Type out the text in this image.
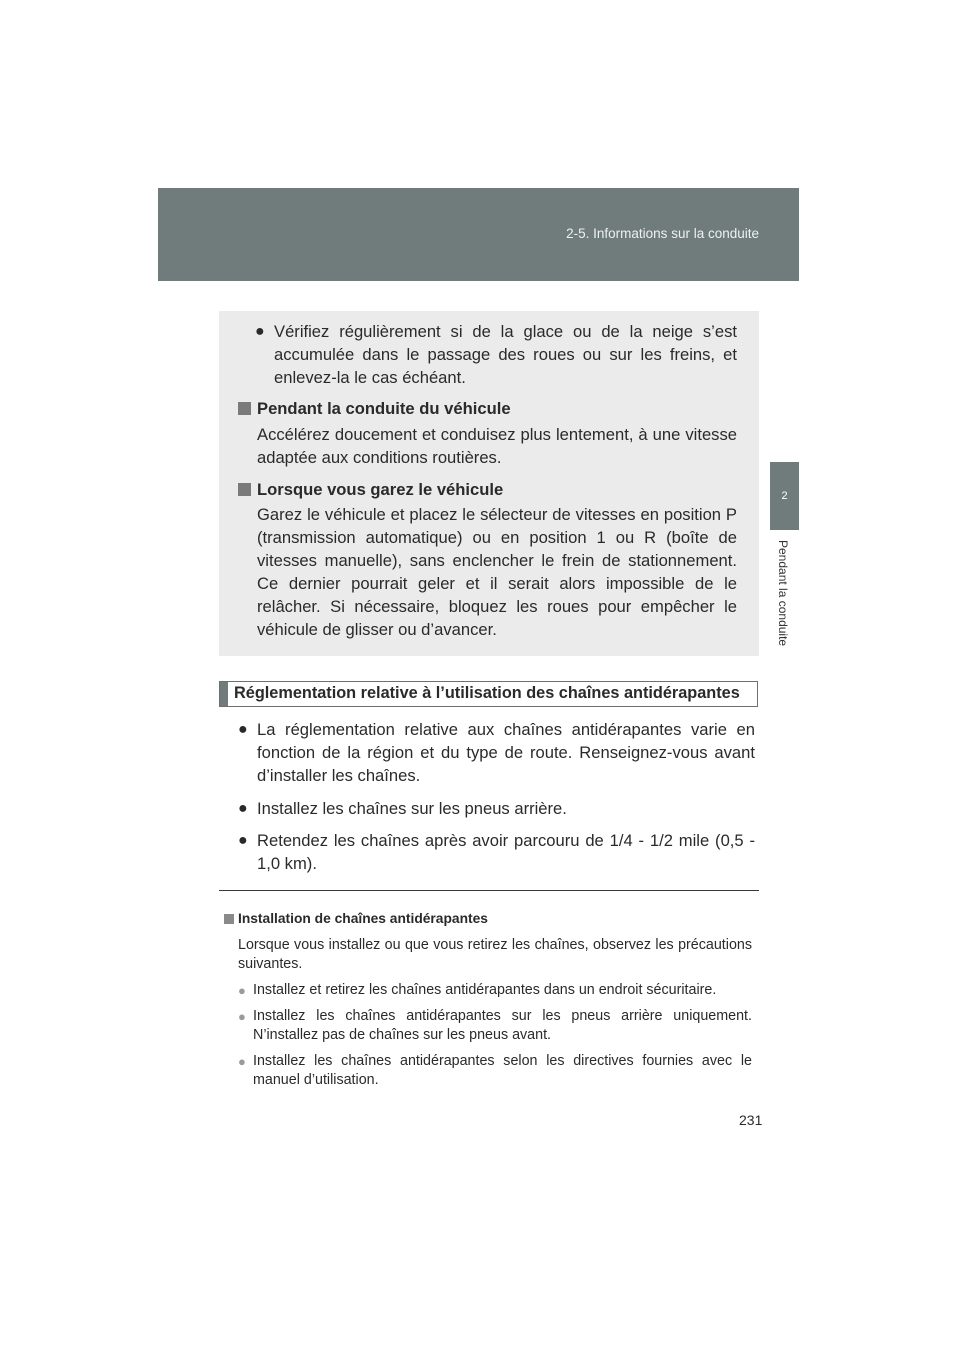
2-5. Informations sur la conduite
2
Pendant la conduite
● Vérifiez régulièrement si de la glace ou de la neige s’est accumulée dans le passage des roues ou sur les freins, et enlevez-la le cas échéant.
Pendant la conduite du véhicule
Accélérez doucement et conduisez plus lentement, à une vitesse adaptée aux conditions routières.
Lorsque vous garez le véhicule
Garez le véhicule et placez le sélecteur de vitesses en position P (transmission automatique) ou en position 1 ou R (boîte de vitesses manuelle), sans enclencher le frein de stationnement. Ce dernier pourrait geler et il serait alors impossible de le relâcher. Si nécessaire, bloquez les roues pour empêcher le véhicule de glisser ou d’avancer.
Réglementation relative à l’utilisation des chaînes antidérapantes
● La réglementation relative aux chaînes antidérapantes varie en fonction de la région et du type de route. Renseignez-vous avant d’installer les chaînes.
● Installez les chaînes sur les pneus arrière.
● Retendez les chaînes après avoir parcouru de 1/4 - 1/2 mile (0,5 - 1,0 km).
Installation de chaînes antidérapantes
Lorsque vous installez ou que vous retirez les chaînes, observez les précautions suivantes.
● Installez et retirez les chaînes antidérapantes dans un endroit sécuritaire.
● Installez les chaînes antidérapantes sur les pneus arrière uniquement. N’installez pas de chaînes sur les pneus avant.
● Installez les chaînes antidérapantes selon les directives fournies avec le manuel d’utilisation.
231
